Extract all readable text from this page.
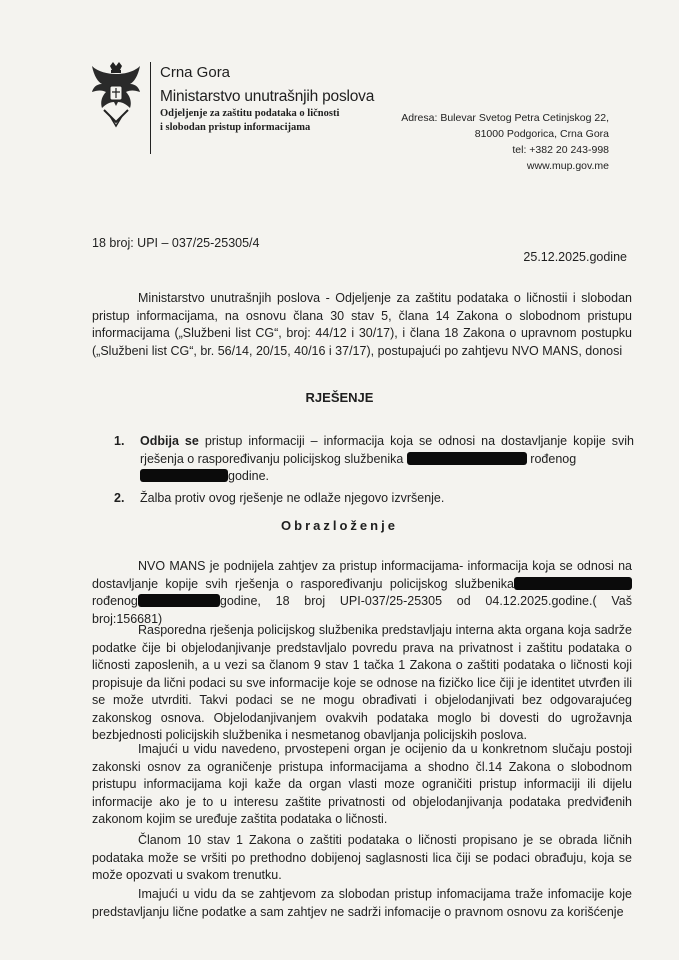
Crna Gora
Ministarstvo unutrašnjih poslova
Odjeljenje za zaštitu podataka o ličnosti
i slobodan pristup informacijama
Adresa: Bulevar Svetog Petra Cetinjskog 22,
81000 Podgorica, Crna Gora
tel: +382 20 243-998
www.mup.gov.me
18 broj: UPI – 037/25-25305/4
25.12.2025.godine
Ministarstvo unutrašnjih poslova - Odjeljenje za zaštitu podataka o ličnostii i slobodan pristup informacijama, na osnovu člana 30 stav 5, člana 14 Zakona o slobodnom pristupu informacijama („Službeni list CG“, broj: 44/12 i 30/17), i člana 18 Zakona o upravnom postupku („Službeni list CG“, br. 56/14, 20/15, 40/16 i 37/17), postupajući po zahtjevu NVO MANS, donosi
RJEŠENJE
1.	Odbija se pristup informaciji – informacija koja se odnosi na dostavljanje kopije svih rješenja o raspoređivanju policijskog službenika	rođenog
godine.
2.	Žalba protiv ovog rješenje ne odlaže njegovo izvršenje.
Obrazloženje
NVO MANS je podnijela zahtjev za pristup informacijama- informacija koja se odnosi na dostavljanje kopije svih rješenja o raspoređivanju policijskog službenika rođenog	godine, 18 broj UPI-037/25-25305 od 04.12.2025.godine.( Vaš broj:156681)
Rasporedna rješenja policijskog službenika predstavljaju interna akta organa koja sadrže podatke čije bi objelodanjivanje predstavljalo povredu prava na privatnost i zaštitu podataka o ličnosti zaposlenih, a u vezi sa članom 9 stav 1 tačka 1 Zakona o zaštiti podataka o ličnosti koji propisuje da lični podaci su sve informacije koje se odnose na fizičko lice čiji je identitet utvrđen ili se može utvrditi. Takvi podaci se ne mogu obrađivati i objelodanjivati bez odgovarajućeg zakonskog osnova. Objelodanjivanjem ovakvih podataka moglo bi dovesti do ugrožavnja bezbjednosti policijskih službenika i nesmetanog obavljanja policijskih poslova.
Imajući u vidu navedeno, prvostepeni organ je ocijenio da u konkretnom slučaju postoji zakonski osnov za ograničenje pristupa informacijama a shodno čl.14 Zakona o slobodnom pristupu informacijama koji kaže da organ vlasti moze ograničiti pristup informaciji ili dijelu informacije ako je to u interesu zaštite privatnosti od objelodanjivanja podataka predviđenih zakonom kojim se uređuje zaštita podataka o ličnosti.
Članom 10 stav 1 Zakona o zaštiti podataka o ličnosti propisano je se obrada ličnih podataka može se vršiti po prethodno dobijenoj saglasnosti lica čiji se podaci obrađuju, koja se može opozvati u svakom trenutku.
Imajući u vidu da se zahtjevom za slobodan pristup infomacijama traže infomacije koje predstavljanju lične podatke a sam zahtjev ne sadrži infomacije o pravnom osnovu za korišćenje
